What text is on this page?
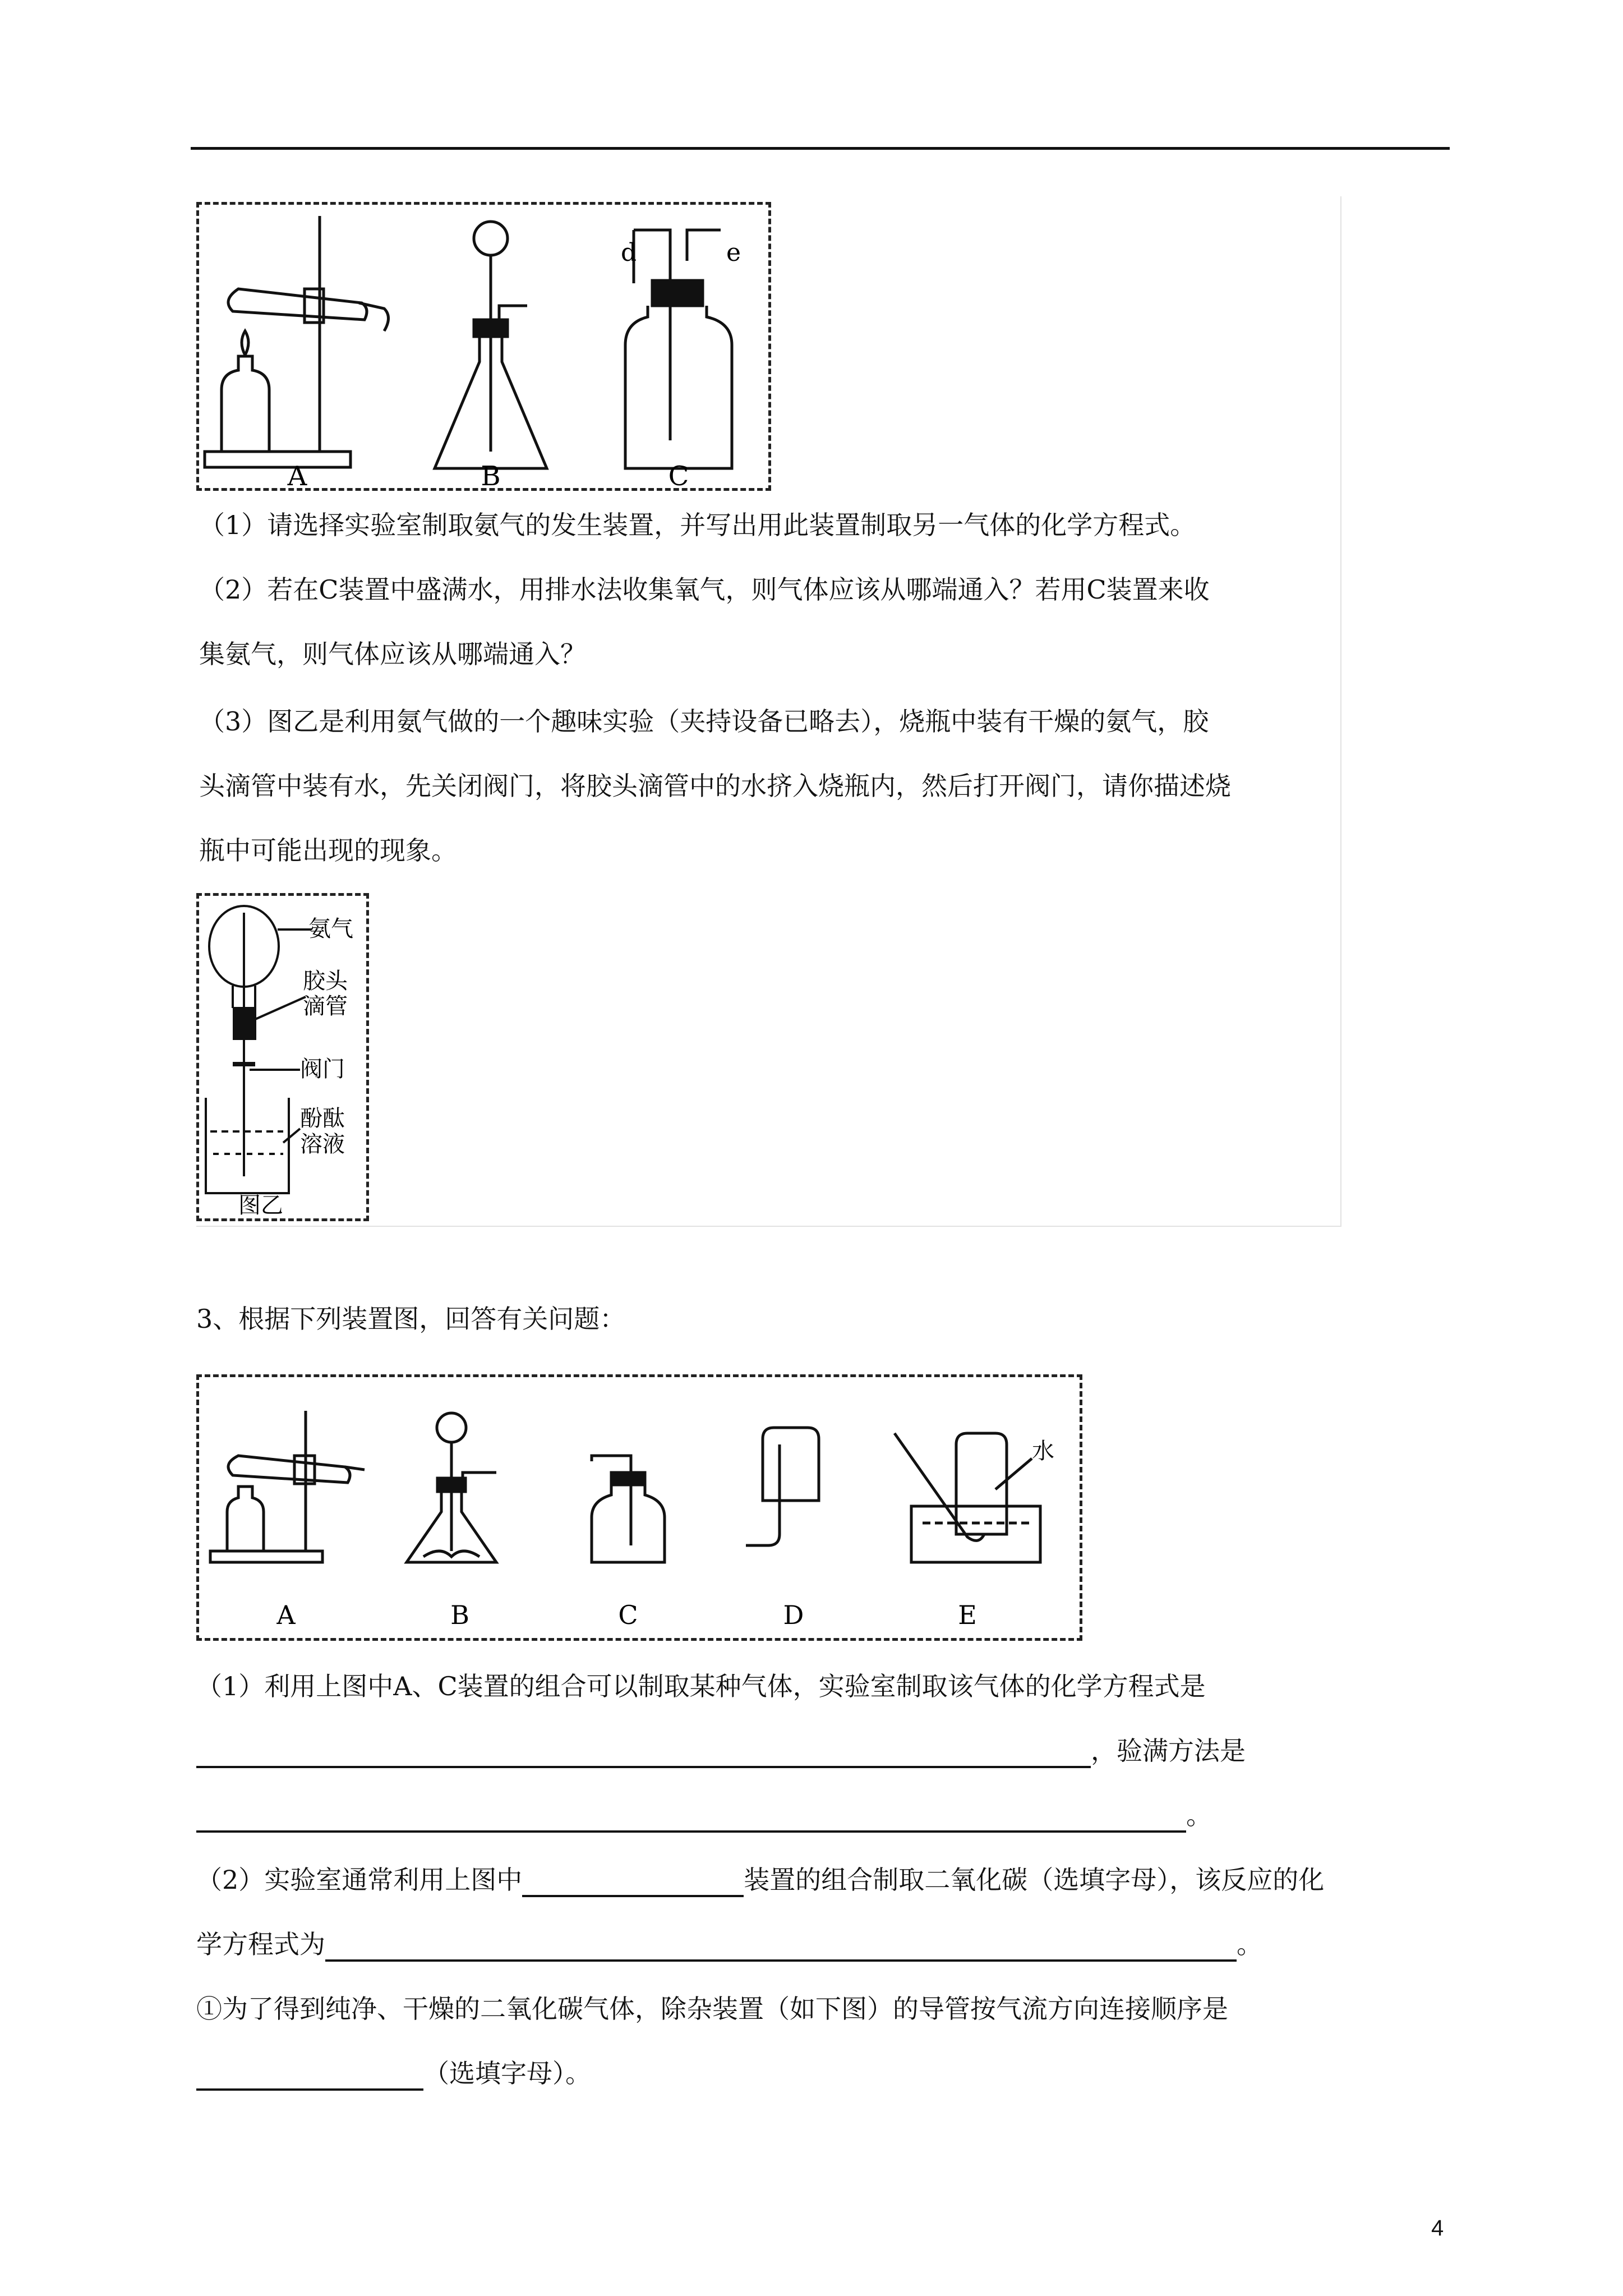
A	B	C
d	e
（1）请选择实验室制取氨气的发生装置，并写出用此装置制取另一气体的化学方程式。
（2）若在C装置中盛满水，用排水法收集氧气，则气体应该从哪端通入？若用C装置来收
集氨气，则气体应该从哪端通入？
（3）图乙是利用氨气做的一个趣味实验（夹持设备已略去），烧瓶中装有干燥的氨气，胶
头滴管中装有水，先关闭阀门，将胶头滴管中的水挤入烧瓶内，然后打开阀门，请你描述烧
瓶中可能出现的现象。
氨气
胶头
滴管
阀门
酚酞
溶液
图乙
3、根据下列装置图，回答有关问题：
A	B	C	D	E
水
（1）利用上图中A、C装置的组合可以制取某种气体，实验室制取该气体的化学方程式是
，验满方法是
。
（2）实验室通常利用上图中	装置的组合制取二氧化碳（选填字母），该反应的化
学方程式为	。
①为了得到纯净、干燥的二氧化碳气体，除杂装置（如下图）的导管按气流方向连接顺序是
（选填字母）。
4
